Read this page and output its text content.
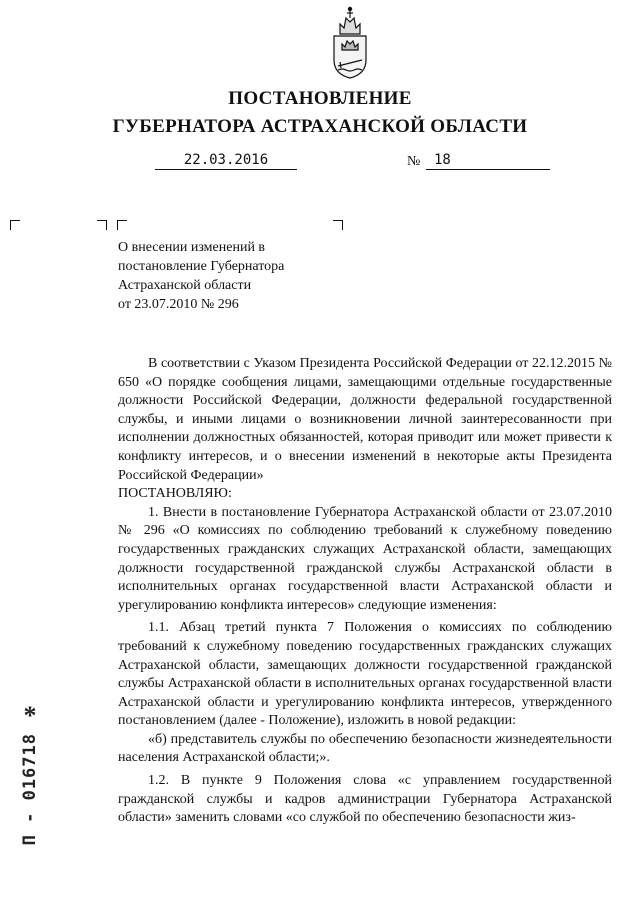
ПОСТАНОВЛЕНИЕ
ГУБЕРНАТОРА АСТРАХАНСКОЙ ОБЛАСТИ
22.03.2016	№ 18
О внесении изменений в
постановление Губернатора
Астраханской области
от 23.07.2010 № 296

В соответствии с Указом Президента Российской Федерации от 22.12.2015 № 650 «О порядке сообщения лицами, замещающими отдельные государственные должности Российской Федерации, должности федеральной государственной службы, и иными лицами о возникновении личной заинтересованности при исполнении должностных обязанностей, которая приводит или может привести к конфликту интересов, и о внесении изменений в некоторые акты Президента Российской Федерации»

ПОСТАНОВЛЯЮ:

1. Внести в постановление Губернатора Астраханской области от 23.07.2010 № 296 «О комиссиях по соблюдению требований к служебному поведению государственных гражданских служащих Астраханской области, замещающих должности государственной гражданской службы Астраханской области в исполнительных органах государственной власти Астраханской области и урегулированию конфликта интересов» следующие изменения:

1.1. Абзац третий пункта 7 Положения о комиссиях по соблюдению требований к служебному поведению государственных гражданских служащих Астраханской области, замещающих должности государственной гражданской службы Астраханской области в исполнительных органах государственной власти Астраханской области и урегулированию конфликта интересов, утвержденного постановлением (далее - Положение), изложить в новой редакции:

«б) представитель службы по обеспечению безопасности жизнедеятельности населения Астраханской области;».

1.2. В пункте 9 Положения слова «с управлением государственной гражданской службы и кадров администрации Губернатора Астраханской области» заменить словами «со службой по обеспечению безопасности жиз-

*
П - 016718
